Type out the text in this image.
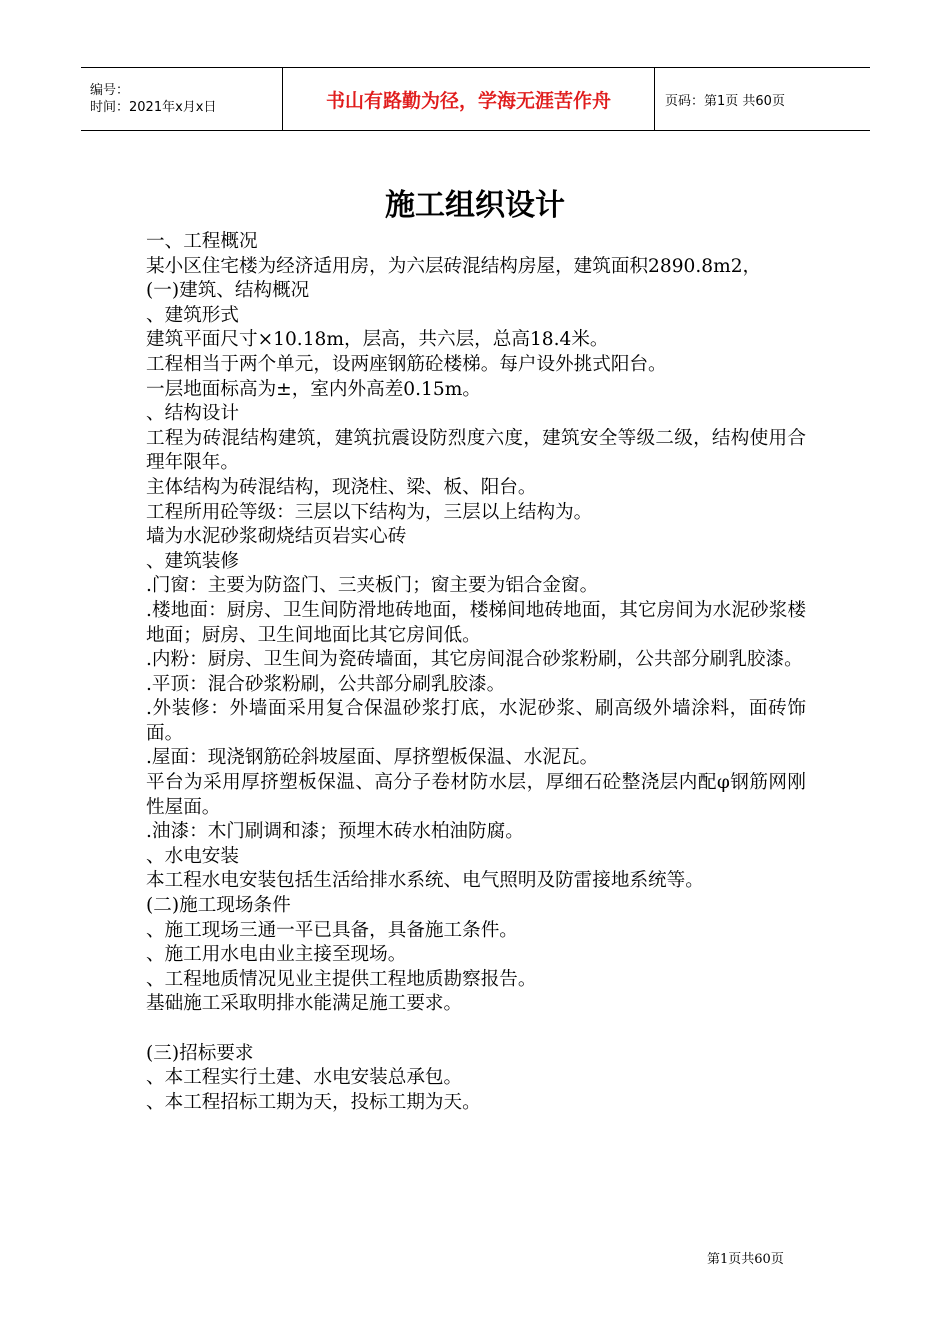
编号：
时间：2021年x月x日	书山有路勤为径，学海无涯苦作舟	页码：第1页 共60页
施工组织设计

一、工程概况

某小区住宅楼为经济适用房，为六层砖混结构房屋，建筑面积2890.8m2，

(一)建筑、结构概况

、建筑形式

建筑平面尺寸×10.18m，层高，共六层，总高18.4米。

工程相当于两个单元，设两座钢筋砼楼梯。每户设外挑式阳台。

一层地面标高为±，室内外高差0.15m。

、结构设计

工程为砖混结构建筑，建筑抗震设防烈度六度，建筑安全等级二级，结构使用合理年限年。

主体结构为砖混结构，现浇柱、梁、板、阳台。

工程所用砼等级：三层以下结构为，三层以上结构为。

墙为水泥砂浆砌烧结页岩实心砖

、建筑装修

.门窗：主要为防盗门、三夹板门；窗主要为铝合金窗。

.楼地面：厨房、卫生间防滑地砖地面，楼梯间地砖地面，其它房间为水泥砂浆楼地面；厨房、卫生间地面比其它房间低。

.内粉：厨房、卫生间为瓷砖墙面，其它房间混合砂浆粉刷，公共部分刷乳胶漆。

.平顶：混合砂浆粉刷，公共部分刷乳胶漆。

.外装修：外墙面采用复合保温砂浆打底，水泥砂浆、刷高级外墙涂料，面砖饰面。

.屋面：现浇钢筋砼斜坡屋面、厚挤塑板保温、水泥瓦。

平台为采用厚挤塑板保温、高分子卷材防水层，厚细石砼整浇层内配φ钢筋网刚性屋面。

.油漆：木门刷调和漆；预埋木砖水柏油防腐。

、水电安装

本工程水电安装包括生活给排水系统、电气照明及防雷接地系统等。

(二)施工现场条件

、施工现场三通一平已具备，具备施工条件。

、施工用水电由业主接至现场。

、工程地质情况见业主提供工程地质勘察报告。

基础施工采取明排水能满足施工要求。

(三)招标要求

、本工程实行土建、水电安装总承包。

、本工程招标工期为天，投标工期为天。

第1页共60页
